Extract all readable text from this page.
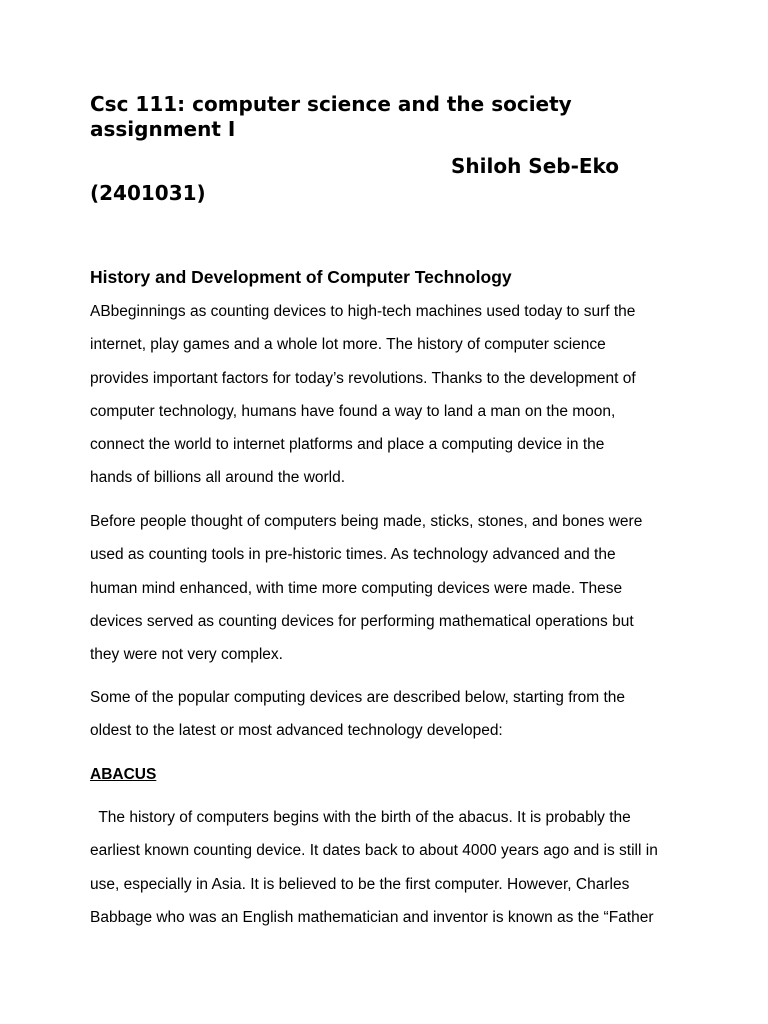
Csc 111: computer science and the society assignment I

Shiloh Seb-Eko

(2401031)

History and Development of Computer Technology
ABbeginnings as counting devices to high-tech machines used today to surf the
internet, play games and a whole lot more. The history of computer science
provides important factors for today’s revolutions. Thanks to the development of
computer technology, humans have found a way to land a man on the moon,
connect the world to internet platforms and place a computing device in the
hands of billions all around the world.
Before people thought of computers being made, sticks, stones, and bones were
used as counting tools in pre-historic times. As technology advanced and the
human mind enhanced, with time more computing devices were made. These
devices served as counting devices for performing mathematical operations but
they were not very complex.
Some of the popular computing devices are described below, starting from the
oldest to the latest or most advanced technology developed:
ABACUS
The history of computers begins with the birth of the abacus. It is probably the
earliest known counting device. It dates back to about 4000 years ago and is still in
use, especially in Asia. It is believed to be the first computer. However, Charles
Babbage who was an English mathematician and inventor is known as the “Father
